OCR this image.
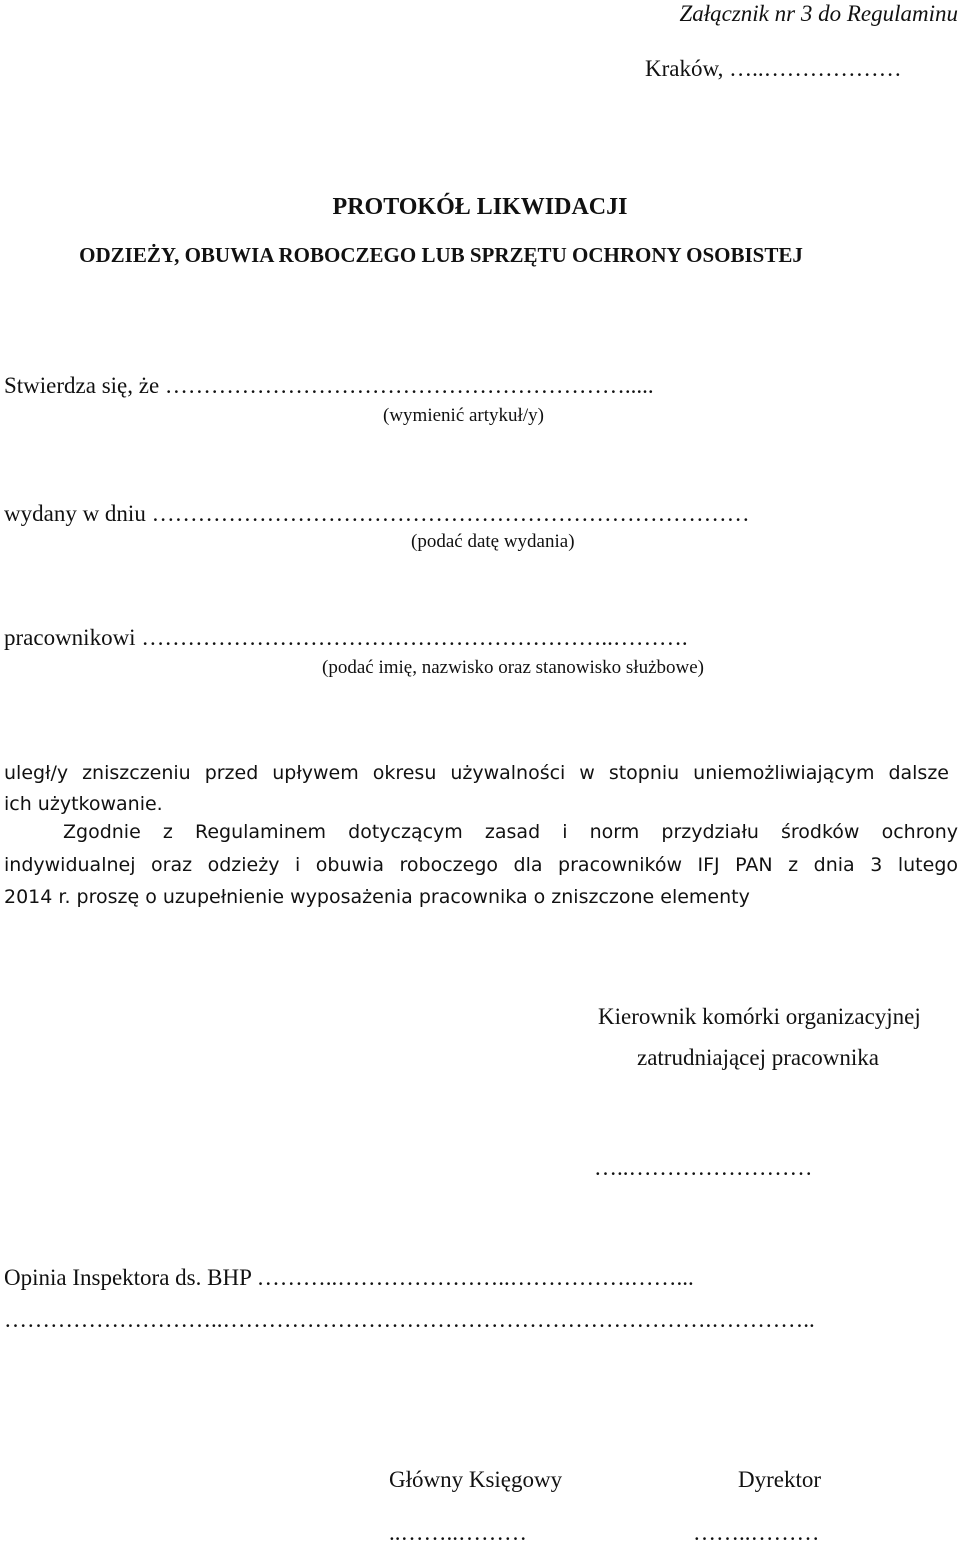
Załącznik nr 3 do Regulaminu
Kraków, …..………………
PROTOKÓŁ LIKWIDACJI
ODZIEŻY, OBUWIA ROBOCZEGO LUB SPRZĘTU OCHRONY OSOBISTEJ
Stwierdza się, że …………………………………………………….....
(wymienić artykuł/y)
wydany w dniu ……………………………………………………………………
(podać datę wydania)
pracownikowi ……………………………………………………..……….
(podać imię, nazwisko oraz stanowisko służbowe)
uległ/y zniszczeniu przed upływem okresu używalności w stopniu uniemożliwiającym dalsze
ich użytkowanie.
Zgodnie z Regulaminem dotyczącym zasad i norm przydziału środków ochrony
indywidualnej oraz odzieży i obuwia roboczego dla pracowników IFJ PAN z dnia 3 lutego
2014 r. proszę o uzupełnienie wyposażenia pracownika o zniszczone elementy
Kierownik komórki organizacyjnej
zatrudniającej pracownika
…..……………………
Opinia Inspektora ds. BHP ………..…………………..…………….……...
………………………..……………………………………………………….…………..
Główny Księgowy	Dyrektor
..……..………	……..………
